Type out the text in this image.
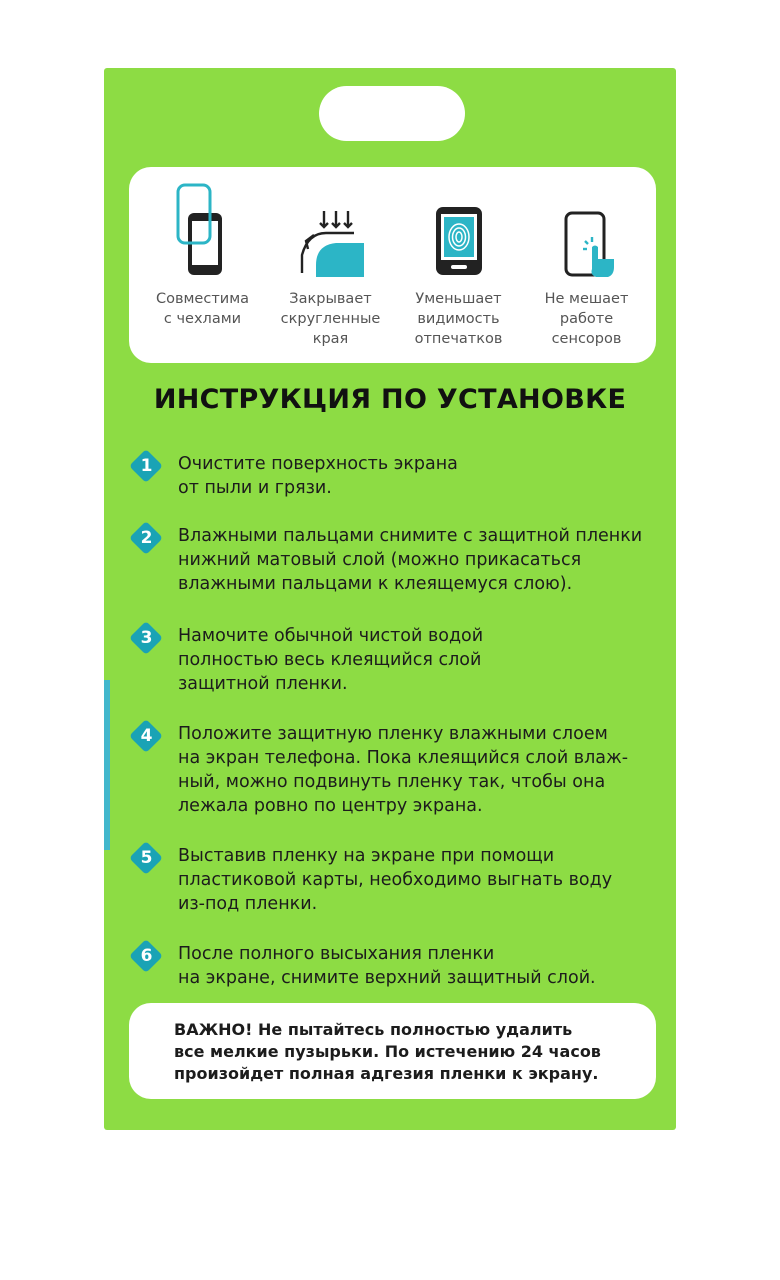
Совместима
с чехлами
Закрывает
скругленные
края
Уменьшает
видимость
отпечатков
Не мешает
работе
сенсоров
ИНСТРУКЦИЯ ПО УСТАНОВКЕ
1	Очистите поверхность экрана
от пыли и грязи.
2	Влажными пальцами снимите с защитной пленки
нижний матовый слой (можно прикасаться
влажными пальцами к клеящемуся слою).
3	Намочите обычной чистой водой
полностью весь клеящийся слой
защитной пленки.
4	Положите защитную пленку влажными слоем
на экран телефона. Пока клеящийся слой влаж-
ный, можно подвинуть пленку так, чтобы она
лежала ровно по центру экрана.
5	Выставив пленку на экране при помощи
пластиковой карты, необходимо выгнать воду
из-под пленки.
6	После полного высыхания пленки
на экране, снимите верхний защитный слой.
ВАЖНО! Не пытайтесь полностью удалить
все мелкие пузырьки. По истечению 24 часов
произойдет полная адгезия пленки к экрану.
